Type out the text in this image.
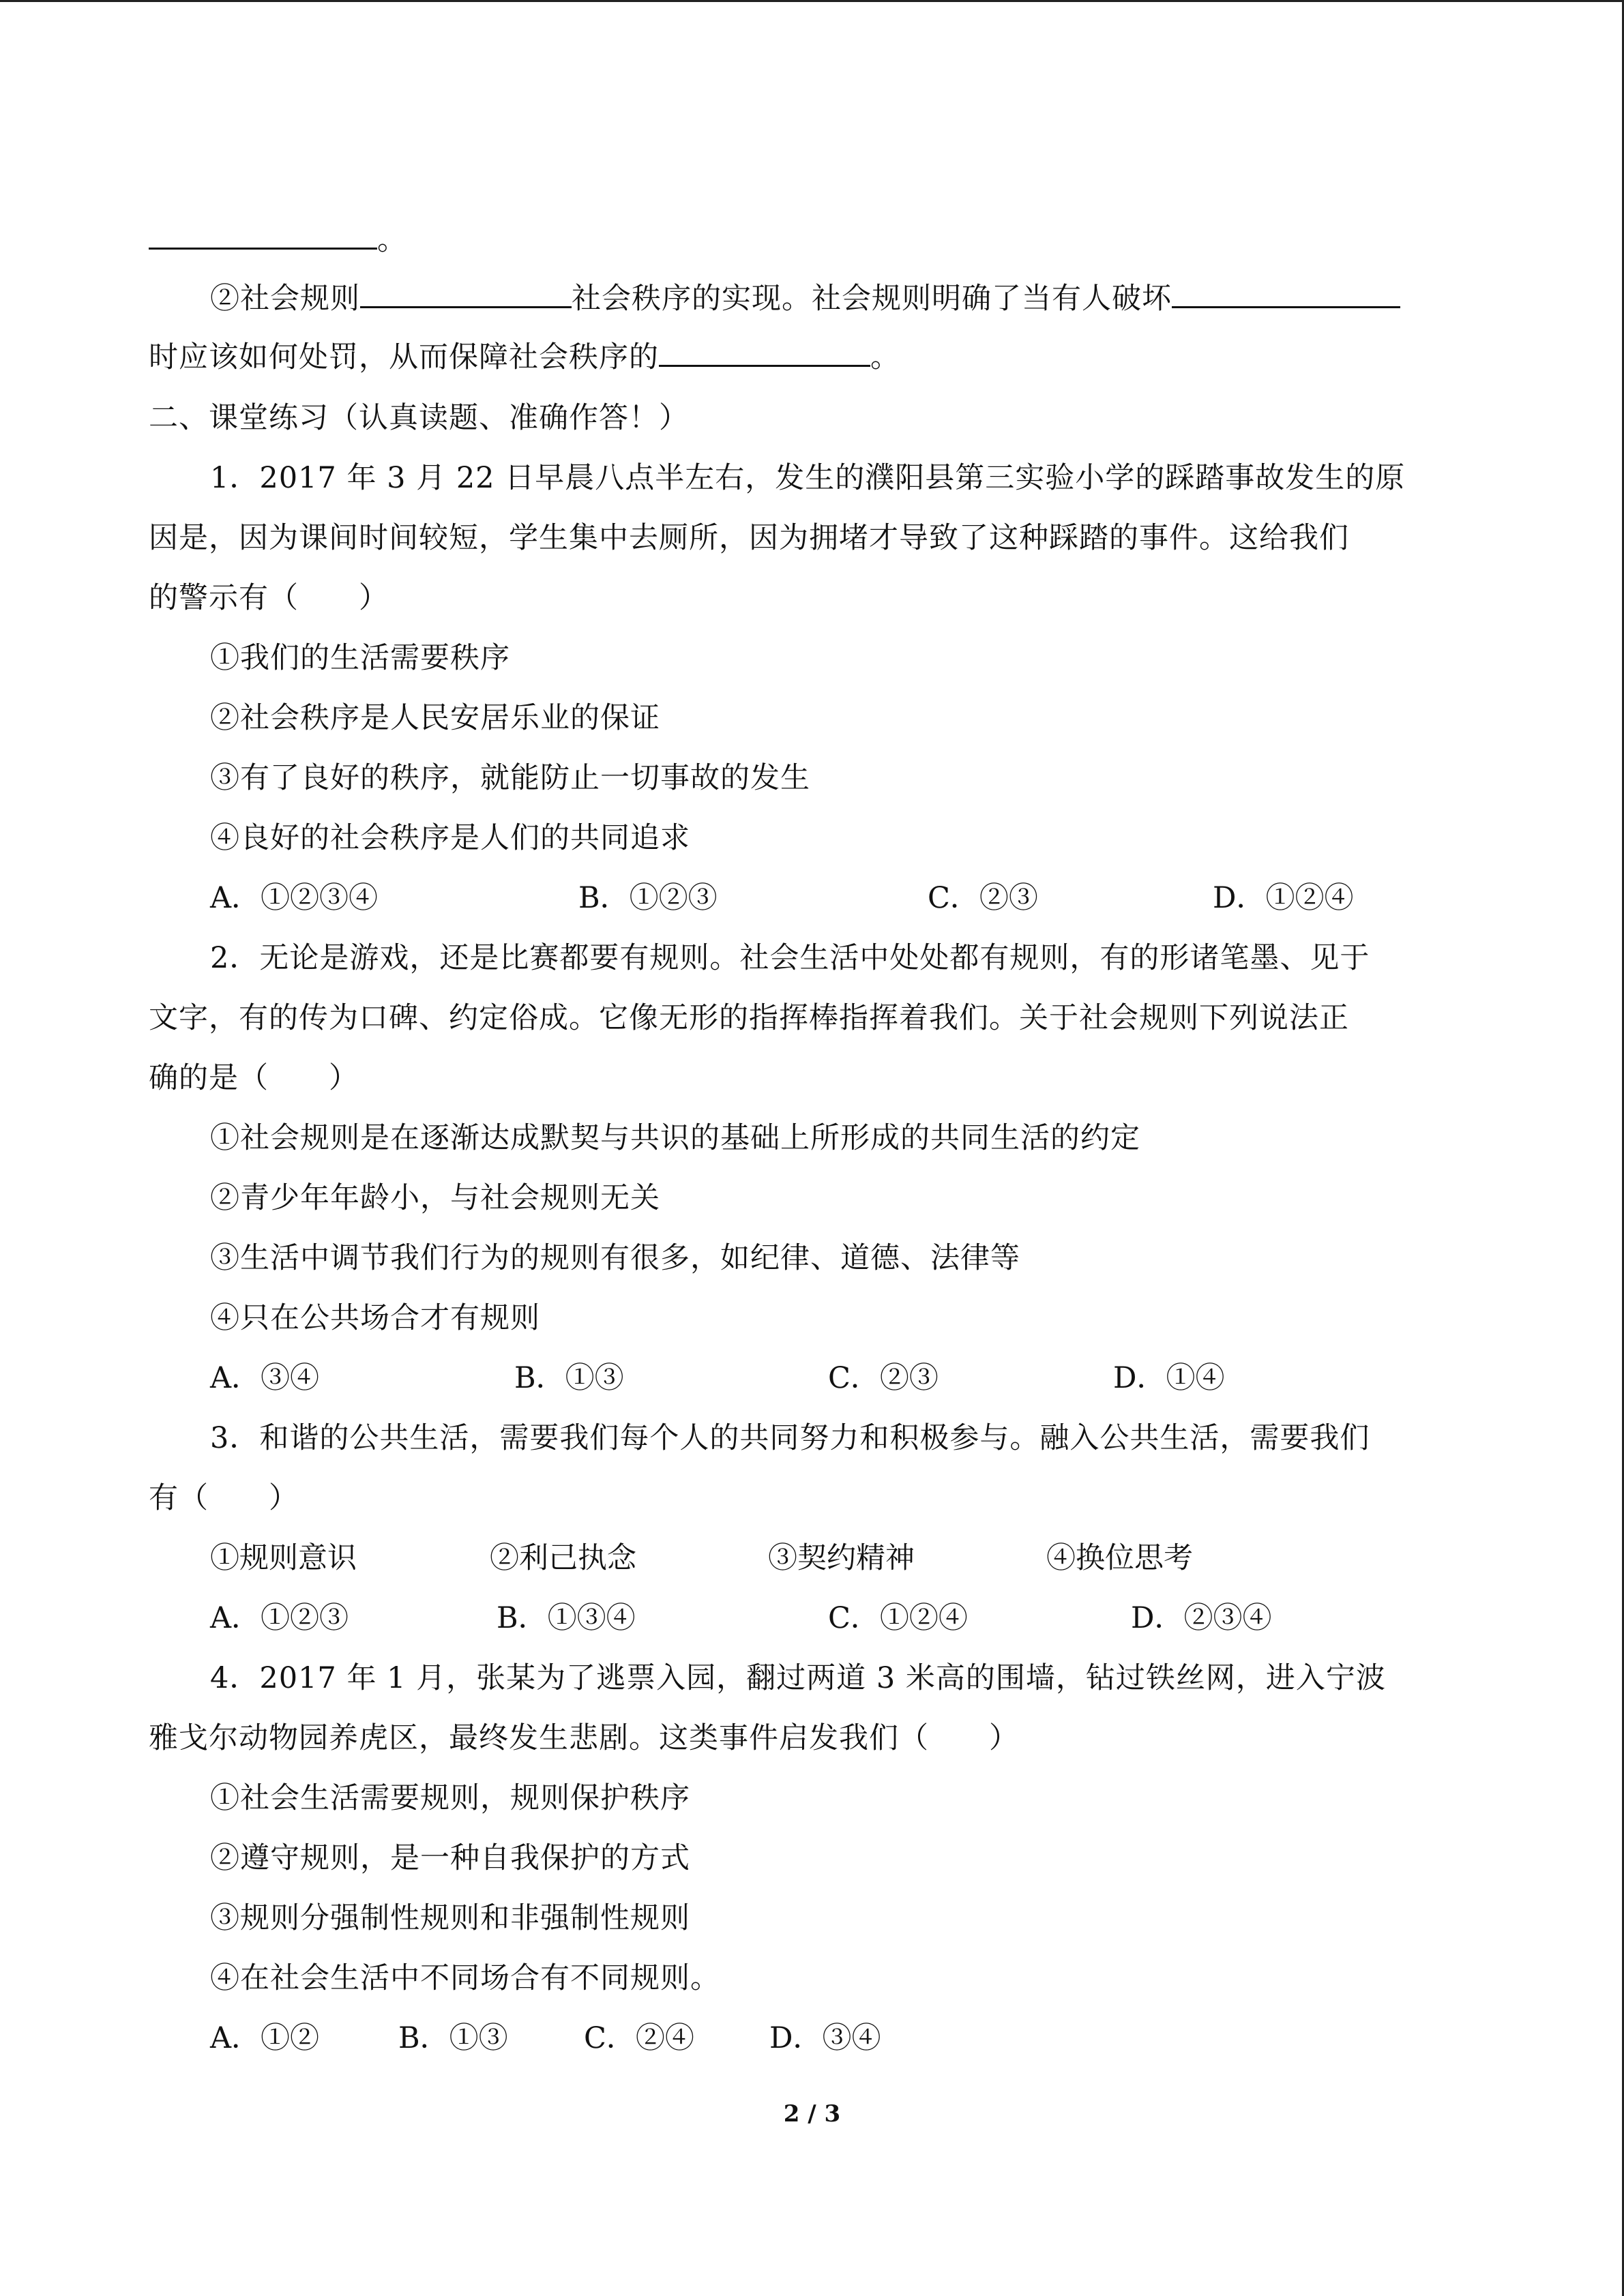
。
②社会规则	社会秩序的实现。社会规则明确了当有人破坏
时应该如何处罚，从而保障社会秩序的	。
二、课堂练习（认真读题、准确作答！）
1．2017 年 3 月 22 日早晨八点半左右，发生的濮阳县第三实验小学的踩踏事故发生的原
因是，因为课间时间较短，学生集中去厕所，因为拥堵才导致了这种踩踏的事件。这给我们
的警示有（　　）
①我们的生活需要秩序
②社会秩序是人民安居乐业的保证
③有了良好的秩序，就能防止一切事故的发生
④良好的社会秩序是人们的共同追求
A．①②③④	B．①②③	C．②③	D．①②④
2．无论是游戏，还是比赛都要有规则。社会生活中处处都有规则，有的形诸笔墨、见于
文字，有的传为口碑、约定俗成。它像无形的指挥棒指挥着我们。关于社会规则下列说法正
确的是（　　）
①社会规则是在逐渐达成默契与共识的基础上所形成的共同生活的约定
②青少年年龄小，与社会规则无关
③生活中调节我们行为的规则有很多，如纪律、道德、法律等
④只在公共场合才有规则
A．③④	B．①③	C．②③	D．①④
3．和谐的公共生活，需要我们每个人的共同努力和积极参与。融入公共生活，需要我们
有（　　）
①规则意识	②利己执念	③契约精神	④换位思考
A．①②③	B．①③④	C．①②④	D．②③④
4．2017 年 1 月，张某为了逃票入园，翻过两道 3 米高的围墙，钻过铁丝网，进入宁波
雅戈尔动物园养虎区，最终发生悲剧。这类事件启发我们（　　）
①社会生活需要规则，规则保护秩序
②遵守规则，是一种自我保护的方式
③规则分强制性规则和非强制性规则
④在社会生活中不同场合有不同规则。
A．①②	B．①③	C．②④	D．③④
2 / 3
